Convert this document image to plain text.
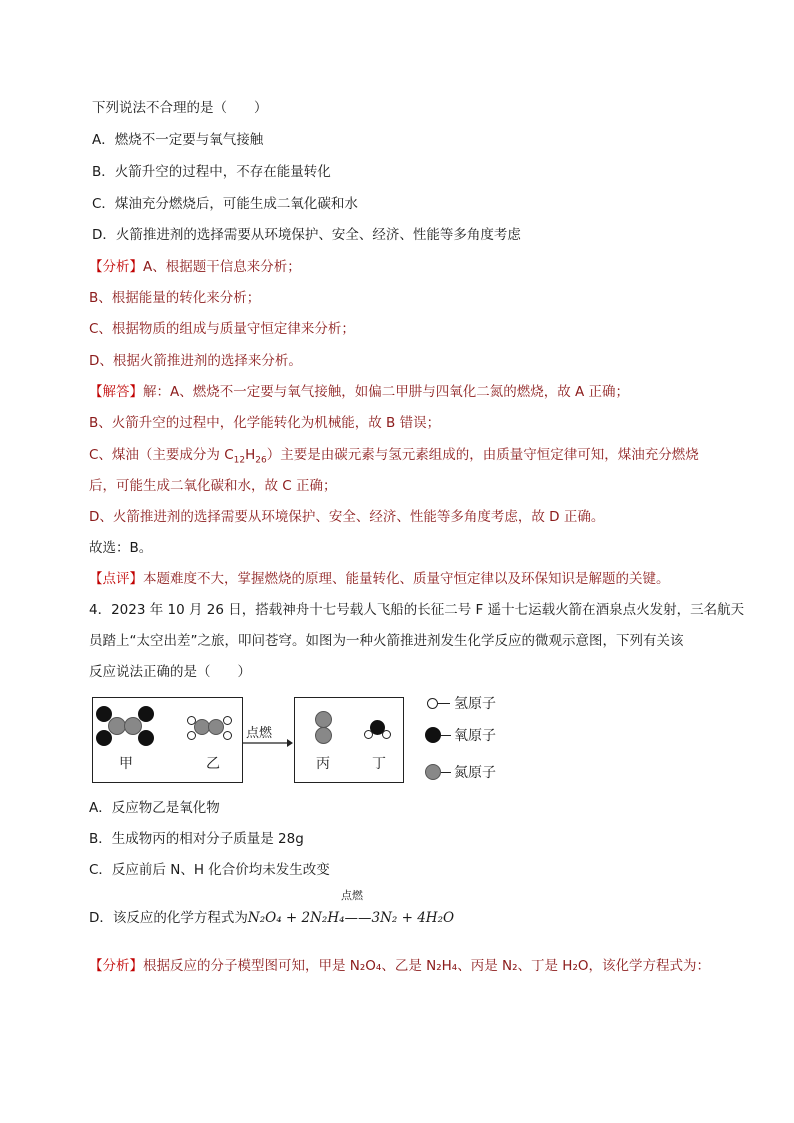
下列说法不合理的是（　　）
A．燃烧不一定要与氧气接触
B．火箭升空的过程中，不存在能量转化
C．煤油充分燃烧后，可能生成二氧化碳和水
D．火箭推进剂的选择需要从环境保护、安全、经济、性能等多角度考虑
【分析】A、根据题干信息来分析；
B、根据能量的转化来分析；
C、根据物质的组成与质量守恒定律来分析；
D、根据火箭推进剂的选择来分析。
【解答】解：A、燃烧不一定要与氧气接触，如偏二甲肼与四氧化二氮的燃烧，故 A 正确；
B、火箭升空的过程中，化学能转化为机械能，故 B 错误；
C、煤油（主要成分为 $C_{12}H_{26}$）主要是由碳元素与氢元素组成的，由质量守恒定律可知，煤油充分燃烧
后，可能生成二氧化碳和水，故 C 正确；
D、火箭推进剂的选择需要从环境保护、安全、经济、性能等多角度考虑，故 D 正确。
故选：B。
【点评】本题难度不大，掌握燃烧的原理、能量转化、质量守恒定律以及环保知识是解题的关键。
4．2023 年 10 月 26 日，搭载神舟十七号载人飞船的长征二号 F 遥十七运载火箭在酒泉点火发射，三名航天
员踏上“太空出差”之旅，叩问苍穹。如图为一种火箭推进剂发生化学反应的微观示意图，下列有关该
反应说法正确的是（　　）
甲	乙
点燃
丙	丁
氢原子
氧原子
氮原子
A．反应物乙是氧化物
B．生成物丙的相对分子质量是 28g
C．反应前后 N、H 化合价均未发生改变
点燃
D．该反应的化学方程式为N₂O₄ + 2N₂H₄——3N₂ + 4H₂O
【分析】根据反应的分子模型图可知，甲是 N₂O₄、乙是 N₂H₄、丙是 N₂、丁是 H₂O，该化学方程式为：
